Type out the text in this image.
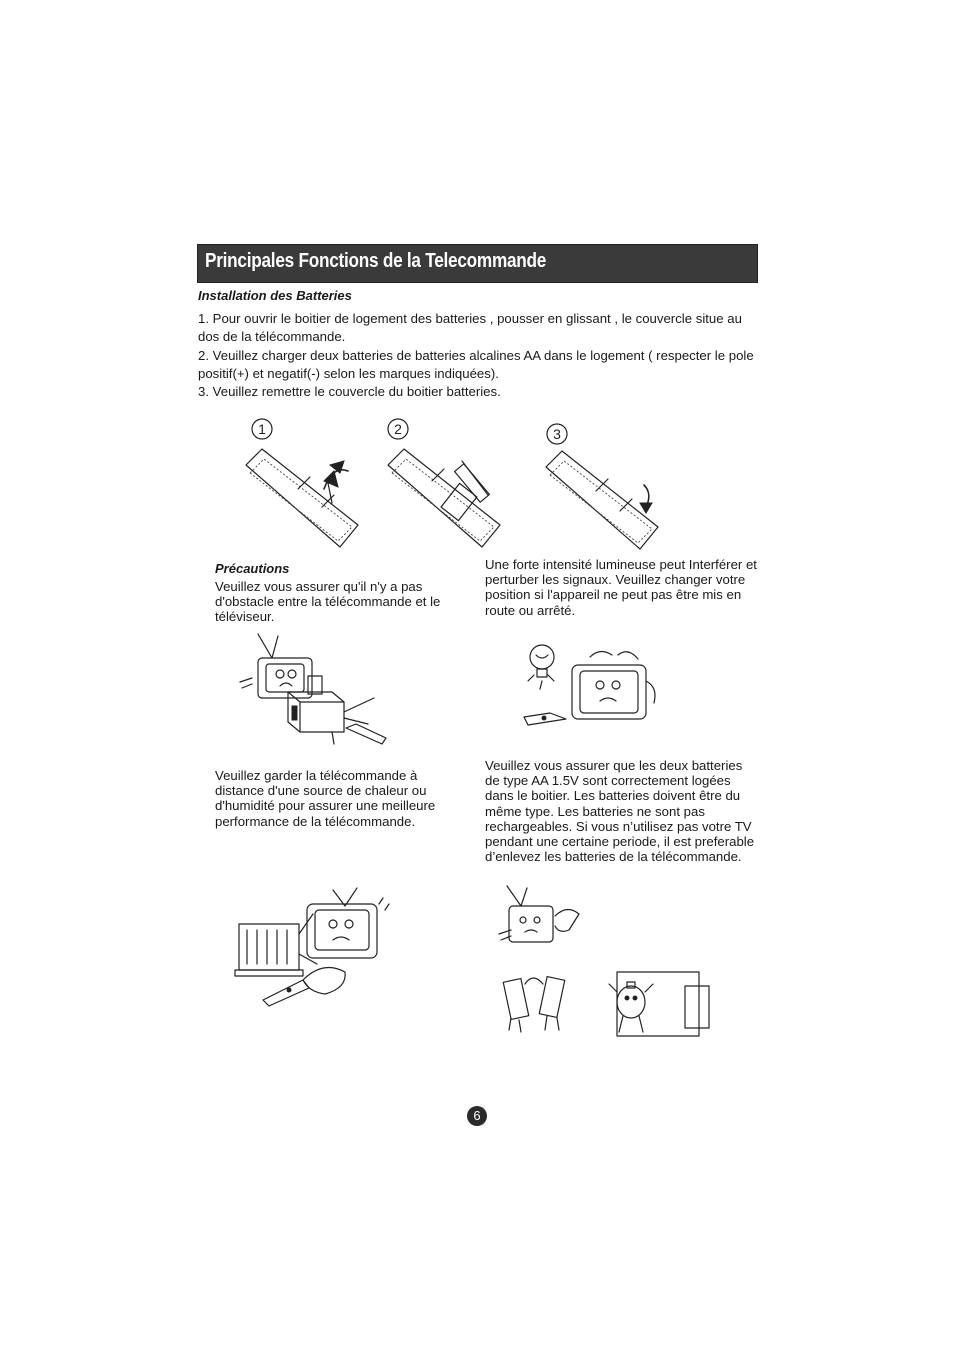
Principales Fonctions de la Telecommande
Installation des Batteries

1. Pour ouvrir le boitier de logement des batteries , pousser en glissant , le couvercle situe au dos de la télécommande.

2. Veuillez charger deux batteries de batteries alcalines AA dans le logement ( respecter le pole positif(+) et negatif(-) selon les marques indiquées).

3. Veuillez remettre le couvercle du boitier batteries.

1	2	3
Précautions

Veuillez vous assurer qu'il n'y a pas d'obstacle entre la télécommande et le téléviseur.

Une forte intensité lumineuse peut Interférer et perturber les signaux. Veuillez changer votre position si l'appareil ne peut pas être mis en route ou arrêté.

Veuillez garder la télécommande à distance d'une source de chaleur ou d'humidité pour assurer une meilleure performance de la télécommande.

Veuillez vous assurer que les deux batteries de type AA 1.5V sont correctement logées dans le boitier. Les batteries doivent être du même type. Les batteries ne sont pas rechargeables. Si vous n’utilisez pas votre TV pendant une certaine periode, il est preferable d’enlevez les batteries de la télécommande.

6
